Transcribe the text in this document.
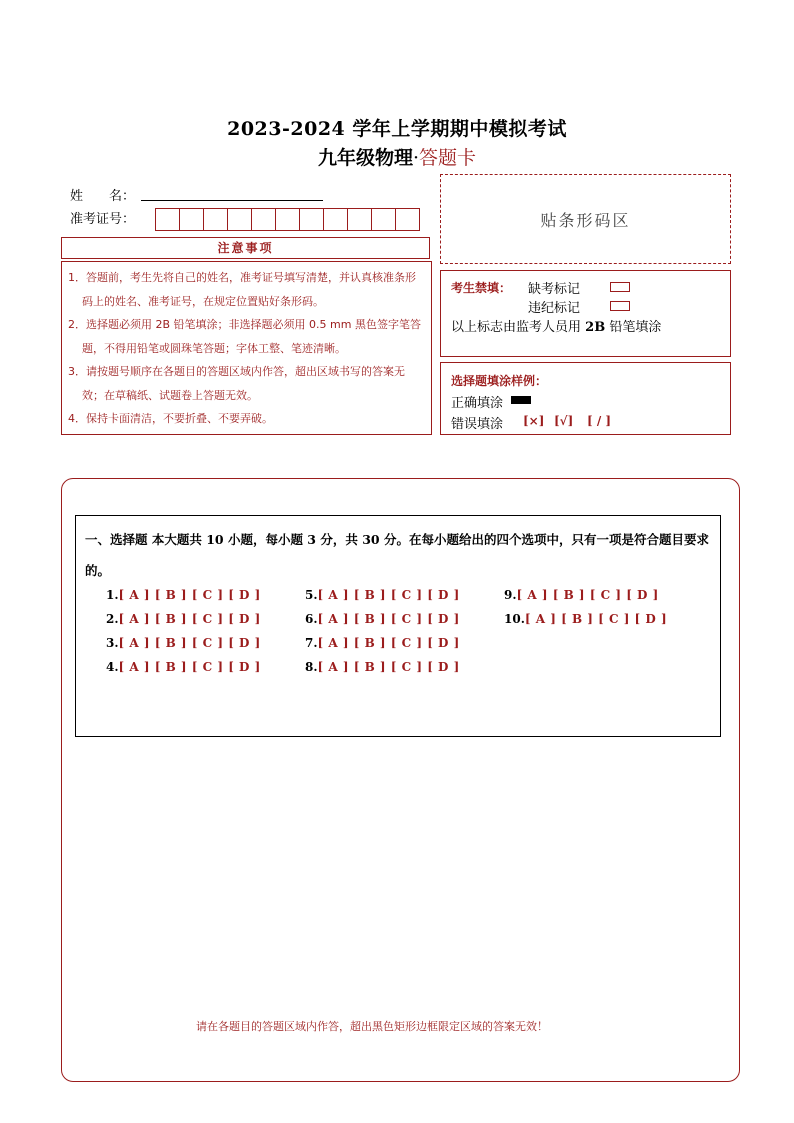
2023-2024 学年上学期期中模拟考试
九年级物理·答题卡
姓　　名：
准考证号：	贴条形码区
注意事项
1．答题前，考生先将自己的姓名，准考证号填写清楚，并认真核准条形码上的姓名、准考证号，在规定位置贴好条形码。
2．选择题必须用 2B 铅笔填涂；非选择题必须用 0.5 mm 黑色签字笔答题，不得用铅笔或圆珠笔答题；字体工整、笔迹清晰。
3．请按题号顺序在各题目的答题区域内作答，超出区域书写的答案无效；在草稿纸、试题卷上答题无效。
4．保持卡面清洁，不要折叠、不要弄破。
考生禁填： 缺考标记
违纪标记
以上标志由监考人员用 2B 铅笔填涂
选择题填涂样例：
正确填涂
错误填涂 [×] [√] [ / ]
一、选择题 本大题共 10 小题，每小题 3 分，共 30 分。在每小题给出的四个选项中，只有一项是符合题目要求的。
1.[ A ] [ B ] [ C ] [ D ]
2.[ A ] [ B ] [ C ] [ D ]
3.[ A ] [ B ] [ C ] [ D ]
4.[ A ] [ B ] [ C ] [ D ]
5.[ A ] [ B ] [ C ] [ D ]
6.[ A ] [ B ] [ C ] [ D ]
7.[ A ] [ B ] [ C ] [ D ]
8.[ A ] [ B ] [ C ] [ D ]
9.[ A ] [ B ] [ C ] [ D ]
10.[ A ] [ B ] [ C ] [ D ]
请在各题目的答题区域内作答，超出黑色矩形边框限定区域的答案无效！
